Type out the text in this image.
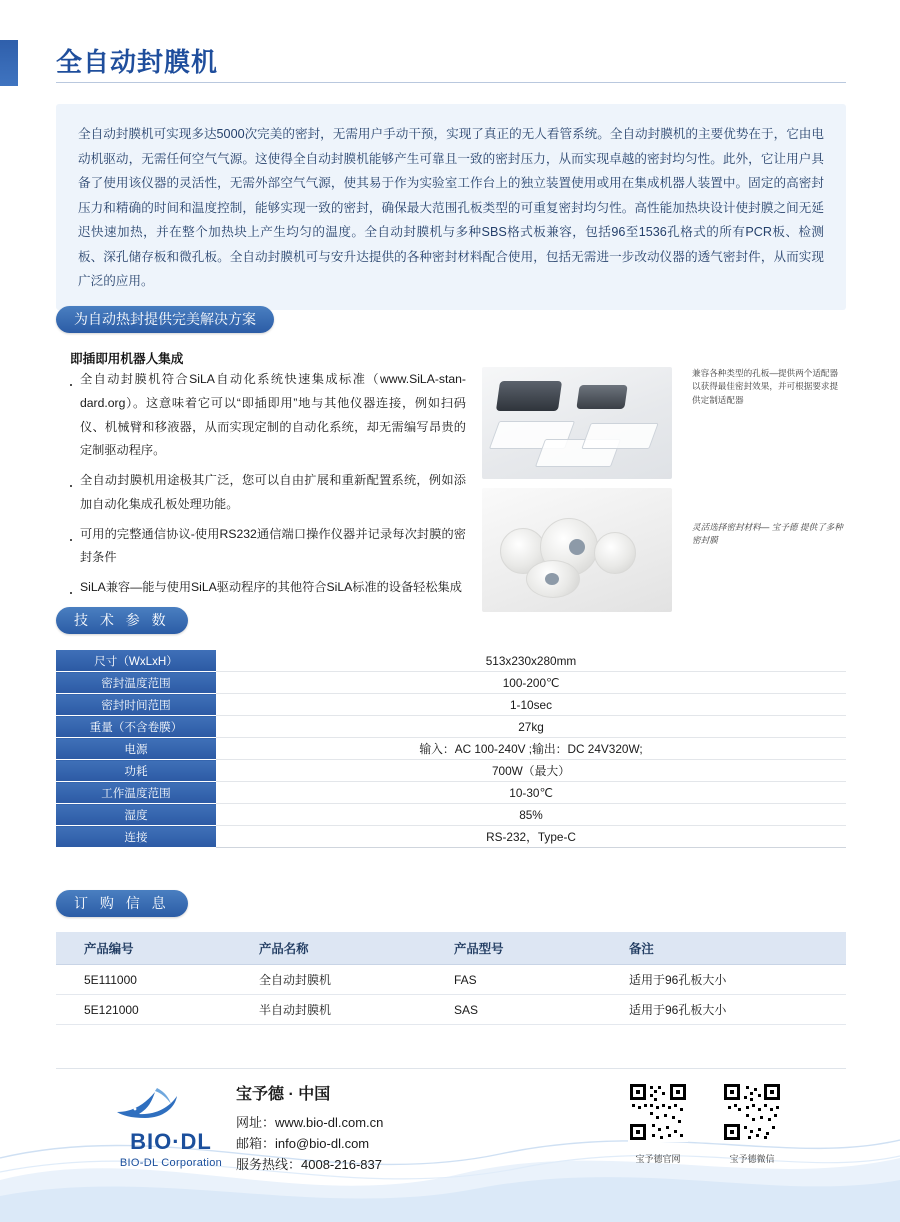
全自动封膜机
全自动封膜机可实现多达5000次完美的密封，无需用户手动干预，实现了真正的无人看管系统。全自动封膜机的主要优势在于，它由电动机驱动，无需任何空气气源。这使得全自动封膜机能够产生可靠且一致的密封压力，从而实现卓越的密封均匀性。此外，它让用户具备了使用该仪器的灵活性，无需外部空气气源，使其易于作为实验室工作台上的独立装置使用或用在集成机器人装置中。固定的高密封压力和精确的时间和温度控制，能够实现一致的密封，确保最大范围孔板类型的可重复密封均匀性。高性能加热块设计使封膜之间无延迟快速加热，并在整个加热块上产生均匀的温度。全自动封膜机与多种SBS格式板兼容，包括96至1536孔格式的所有PCR板、检测板、深孔储存板和微孔板。全自动封膜机可与安升达提供的各种密封材料配合使用，包括无需进一步改动仪器的透气密封件，从而实现广泛的应用。
为自动热封提供完美解决方案
即插即用机器人集成
· 全自动封膜机符合SiLA自动化系统快速集成标准（www.SiLA-stan-dard.org）。这意味着它可以“即插即用”地与其他仪器连接，例如扫码仪、机械臂和移液器，从而实现定制的自动化系统，却无需编写昂贵的定制驱动程序。
· 全自动封膜机用途极其广泛，您可以自由扩展和重新配置系统，例如添加自动化集成孔板处理功能。
· 可用的完整通信协议-使用RS232通信端口操作仪器并记录每次封膜的密封条件
· SiLA兼容—能与使用SiLA驱动程序的其他符合SiLA标准的设备轻松集成
兼容各种类型的孔板—提供两个适配器以获得最佳密封效果，并可根据要求提供定制适配器
灵活选择密封材料— 宝予德 提供了多种密封膜
技 术 参 数
尺寸（WxLxH）	513x230x280mm
密封温度范围	100-200℃
密封时间范围	1-10sec
重量（不含卷膜）	27kg
电源	输入：AC 100-240V ;输出：DC 24V320W;
功耗	700W（最大）
工作温度范围	10-30℃
湿度	85%
连接	RS-232，Type-C
订 购 信 息
产品编号	产品名称	产品型号	备注
5E111000	全自动封膜机	FAS	适用于96孔板大小
5E121000	半自动封膜机	SAS	适用于96孔板大小
BIO·DL
BIO-DL Corporation
宝予德 · 中国
网址：www.bio-dl.com.cn
邮箱：info@bio-dl.com
服务热线：4008-216-837	宝予德官网	宝予德微信
